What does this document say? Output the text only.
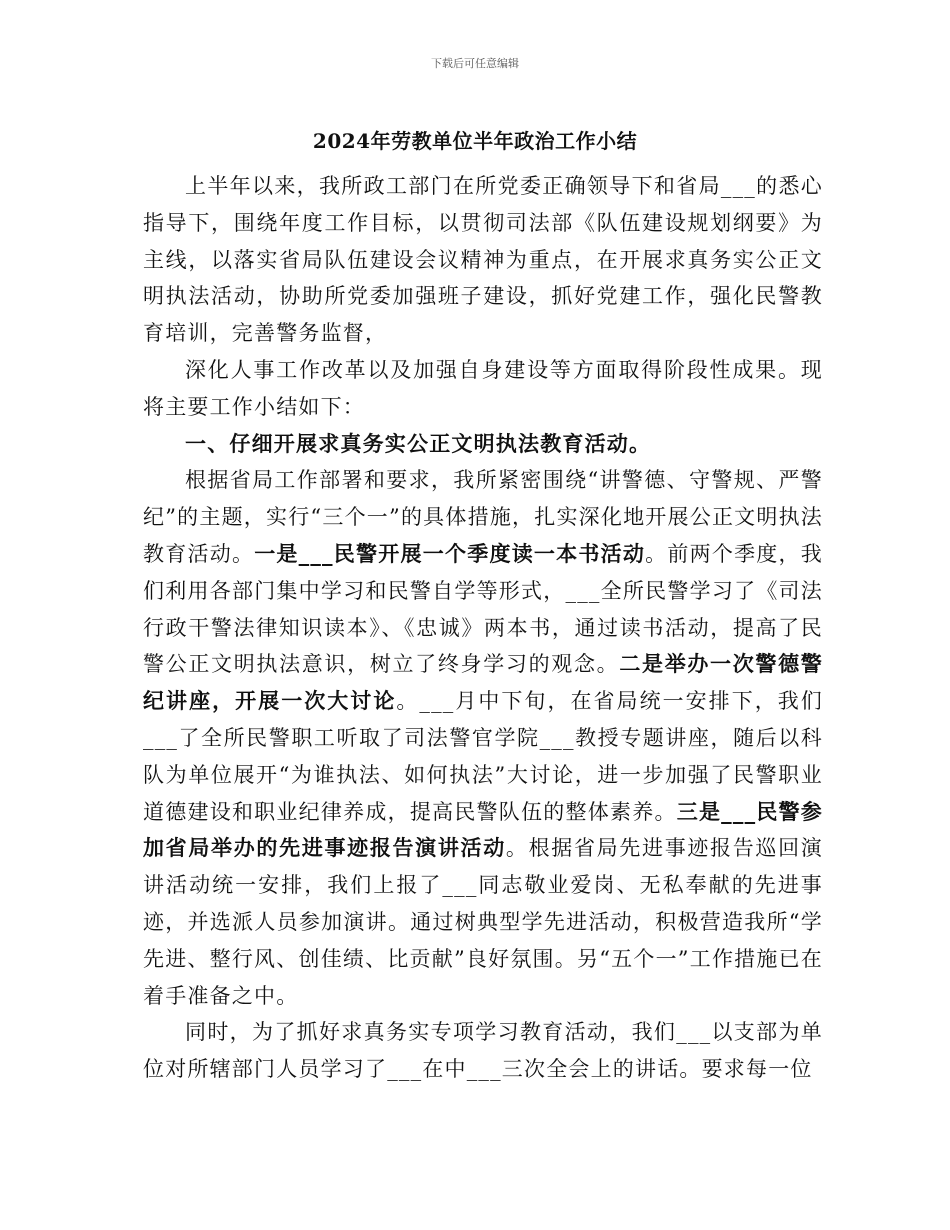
下载后可任意编辑
2024年劳教单位半年政治工作小结

上半年以来，我所政工部门在所党委正确领导下和省局___的悉心指导下，围绕年度工作目标，以贯彻司法部《队伍建设规划纲要》为主线，以落实省局队伍建设会议精神为重点，在开展求真务实公正文明执法活动，协助所党委加强班子建设，抓好党建工作，强化民警教育培训，完善警务监督，

深化人事工作改革以及加强自身建设等方面取得阶段性成果。现将主要工作小结如下：

一、仔细开展求真务实公正文明执法教育活动。

根据省局工作部署和要求，我所紧密围绕“讲警德、守警规、严警纪”的主题，实行“三个一”的具体措施，扎实深化地开展公正文明执法教育活动。一是___民警开展一个季度读一本书活动。前两个季度，我们利用各部门集中学习和民警自学等形式，___全所民警学习了《司法行政干警法律知识读本》、《忠诚》两本书，通过读书活动，提高了民警公正文明执法意识，树立了终身学习的观念。二是举办一次警德警纪讲座，开展一次大讨论。___月中下旬，在省局统一安排下，我们___了全所民警职工听取了司法警官学院___教授专题讲座，随后以科队为单位展开“为谁执法、如何执法”大讨论，进一步加强了民警职业道德建设和职业纪律养成，提高民警队伍的整体素养。三是___民警参加省局举办的先进事迹报告演讲活动。根据省局先进事迹报告巡回演讲活动统一安排，我们上报了___同志敬业爱岗、无私奉献的先进事迹，并选派人员参加演讲。通过树典型学先进活动，积极营造我所“学先进、整行风、创佳绩、比贡献”良好氛围。另“五个一”工作措施已在着手准备之中。

同时，为了抓好求真务实专项学习教育活动，我们___以支部为单位对所辖部门人员学习了___在中___三次全会上的讲话。要求每一位
